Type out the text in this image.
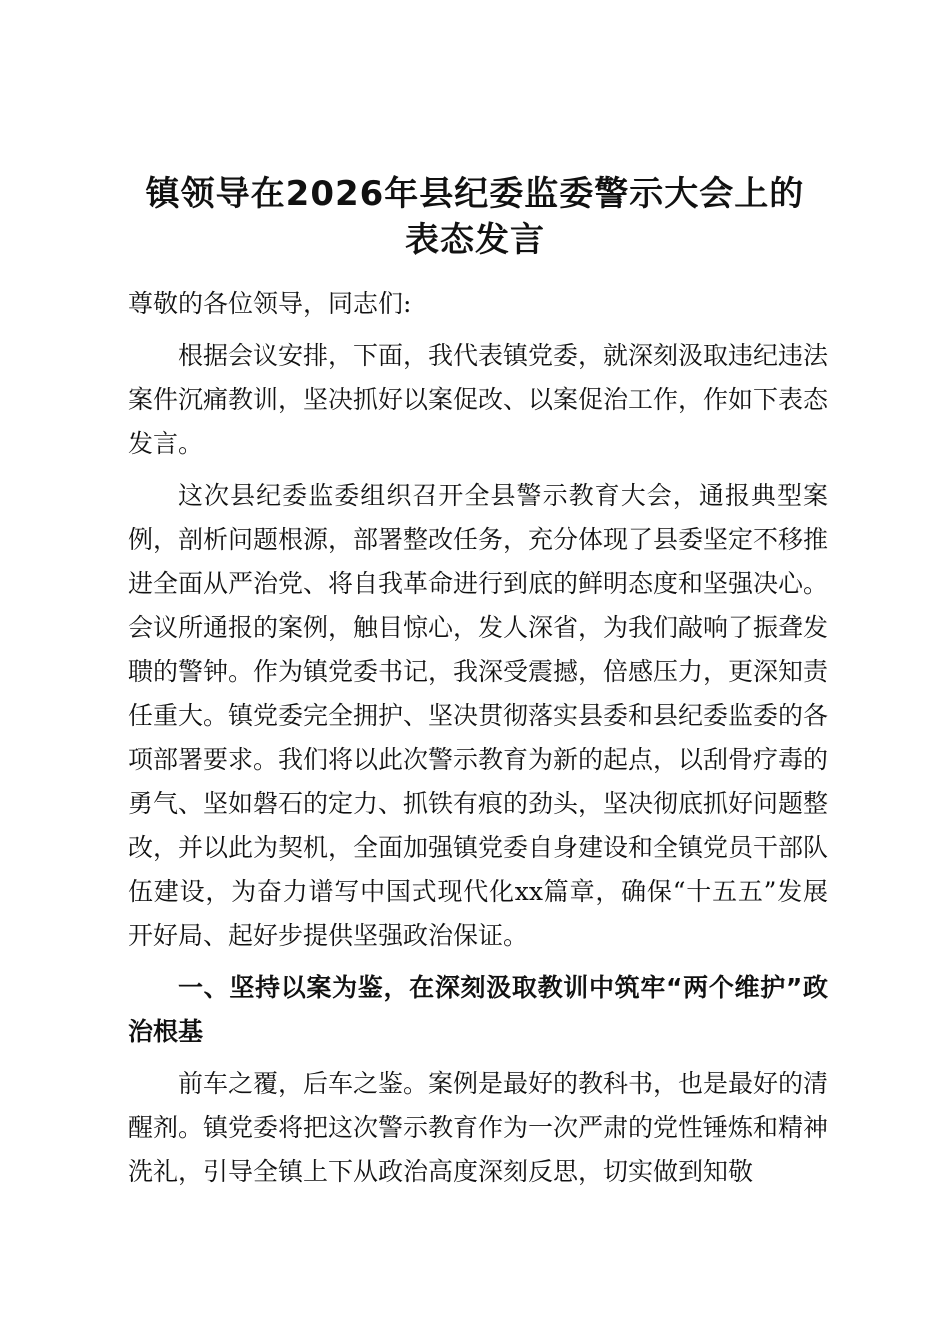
镇领导在2026年县纪委监委警示大会上的
表态发言

尊敬的各位领导，同志们:

根据会议安排，下面，我代表镇党委，就深刻汲取违纪违法案件沉痛教训，坚决抓好以案促改、以案促治工作，作如下表态发言。

这次县纪委监委组织召开全县警示教育大会，通报典型案例，剖析问题根源，部署整改任务，充分体现了县委坚定不移推进全面从严治党、将自我革命进行到底的鲜明态度和坚强决心。会议所通报的案例，触目惊心，发人深省，为我们敲响了振聋发聩的警钟。作为镇党委书记，我深受震撼，倍感压力，更深知责任重大。镇党委完全拥护、坚决贯彻落实县委和县纪委监委的各项部署要求。我们将以此次警示教育为新的起点，以刮骨疗毒的勇气、坚如磐石的定力、抓铁有痕的劲头，坚决彻底抓好问题整改，并以此为契机，全面加强镇党委自身建设和全镇党员干部队伍建设，为奋力谱写中国式现代化xx篇章，确保“十五五”发展开好局、起好步提供坚强政治保证。

一、坚持以案为鉴，在深刻汲取教训中筑牢“两个维护”政治根基

前车之覆，后车之鉴。案例是最好的教科书，也是最好的清醒剂。镇党委将把这次警示教育作为一次严肃的党性锤炼和精神洗礼，引导全镇上下从政治高度深刻反思，切实做到知敬
